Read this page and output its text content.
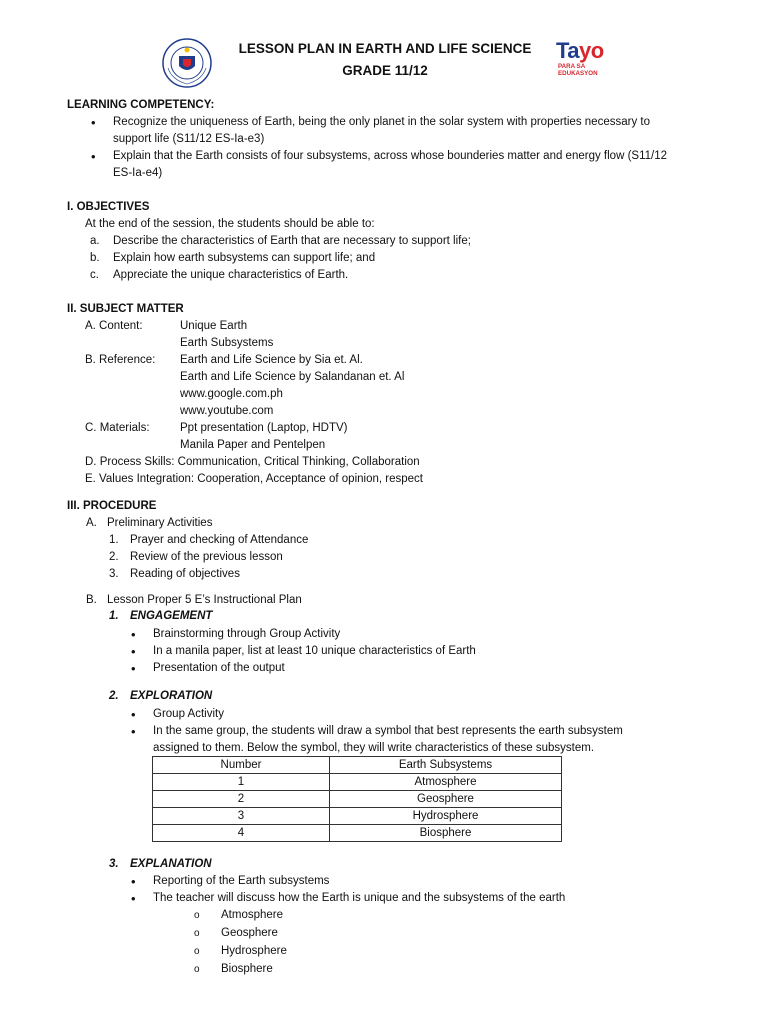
LESSON PLAN IN EARTH AND LIFE SCIENCE
GRADE 11/12
Tayo
PARA SA
EDUKASYON
LEARNING COMPETENCY:
• Recognize the uniqueness of Earth, being the only planet in the solar system with properties necessary to
support life (S11/12 ES-Ia-e3)
• Explain that the Earth consists of four subsystems, across whose bounderies matter and energy flow (S11/12
ES-Ia-e4)
I. OBJECTIVES
At the end of the session, the students should be able to:
a. Describe the characteristics of Earth that are necessary to support life;
b. Explain how earth subsystems can support life; and
c. Appreciate the unique characteristics of Earth.
II. SUBJECT MATTER
A. Content:	Unique Earth
Earth Subsystems
B. Reference: Earth and Life Science by Sia et. Al.
Earth and Life Science by Salandanan et. Al
www.google.com.ph
www.youtube.com
C. Materials:	Ppt presentation (Laptop, HDTV)
Manila Paper and Pentelpen
D. Process Skills: Communication, Critical Thinking, Collaboration
E. Values Integration: Cooperation, Acceptance of opinion, respect
III. PROCEDURE
A. Preliminary Activities
1. Prayer and checking of Attendance
2. Review of the previous lesson
3. Reading of objectives
B. Lesson Proper 5 E’s Instructional Plan
1. ENGAGEMENT
• Brainstorming through Group Activity
• In a manila paper, list at least 10 unique characteristics of Earth
• Presentation of the output
2. EXPLORATION
• Group Activity
• In the same group, the students will draw a symbol that best represents the earth subsystem
assigned to them. Below the symbol, they will write characteristics of these subsystem.
Number	Earth Subsystems
1	Atmosphere
2	Geosphere
3	Hydrosphere
4	Biosphere
3. EXPLANATION
• Reporting of the Earth subsystems
• The teacher will discuss how the Earth is unique and the subsystems of the earth
o Atmosphere
o Geosphere
o Hydrosphere
o Biosphere
